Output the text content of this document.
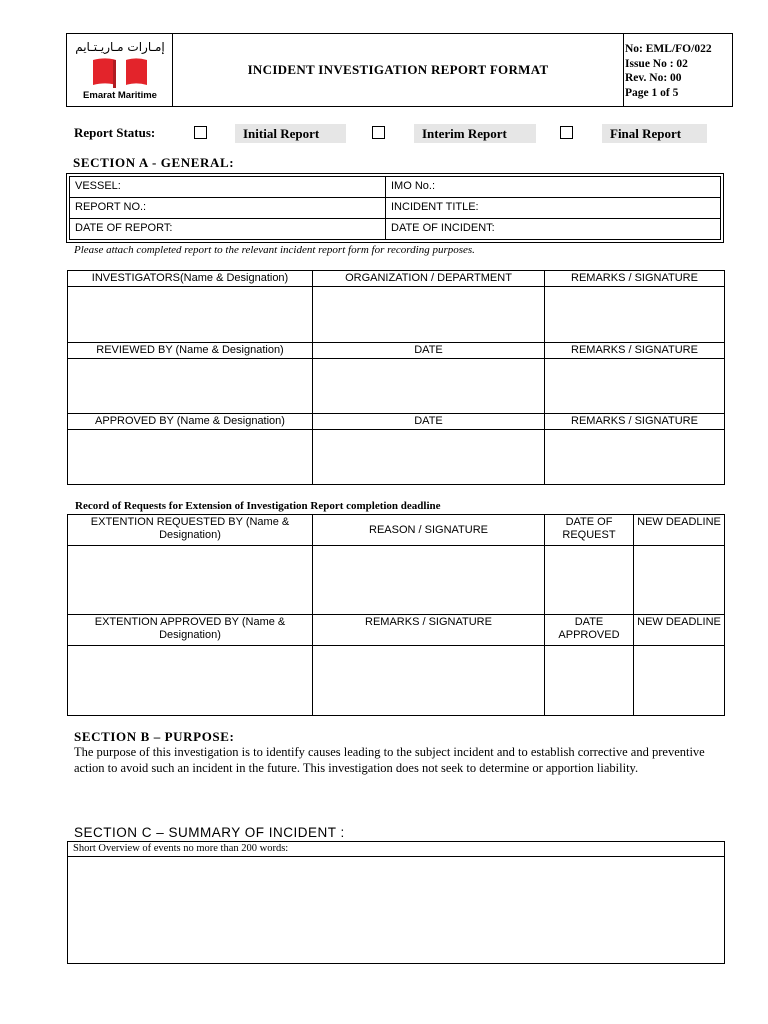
إمـارات مـاريـتـايم
Emarat Maritime
INCIDENT INVESTIGATION REPORT FORMAT
No: EML/FO/022
Issue No : 02
Rev. No: 00
Page 1 of 5
Report Status:	Initial Report	Interim Report	Final Report
SECTION A - GENERAL:
VESSEL:	IMO No.:
REPORT NO.:	INCIDENT TITLE:
DATE OF REPORT:	DATE OF INCIDENT:
Please attach completed report to the relevant incident report form for recording purposes.
INVESTIGATORS(Name & Designation)	ORGANIZATION / DEPARTMENT	REMARKS / SIGNATURE

REVIEWED BY (Name & Designation)	DATE	REMARKS / SIGNATURE

APPROVED BY (Name & Designation)	DATE	REMARKS / SIGNATURE

Record of Requests for Extension of Investigation Report completion deadline
EXTENTION REQUESTED BY (Name & Designation)	REASON / SIGNATURE	DATE OF REQUEST	NEW DEADLINE

EXTENTION APPROVED BY (Name & Designation)	REMARKS / SIGNATURE	DATE APPROVED	NEW DEADLINE

SECTION B – PURPOSE:
The purpose of this investigation is to identify causes leading to the subject incident and to establish corrective and preventive action to avoid such an incident in the future. This investigation does not seek to determine or apportion liability.
SECTION C – SUMMARY OF INCIDENT :
Short Overview of events no more than 200 words:
